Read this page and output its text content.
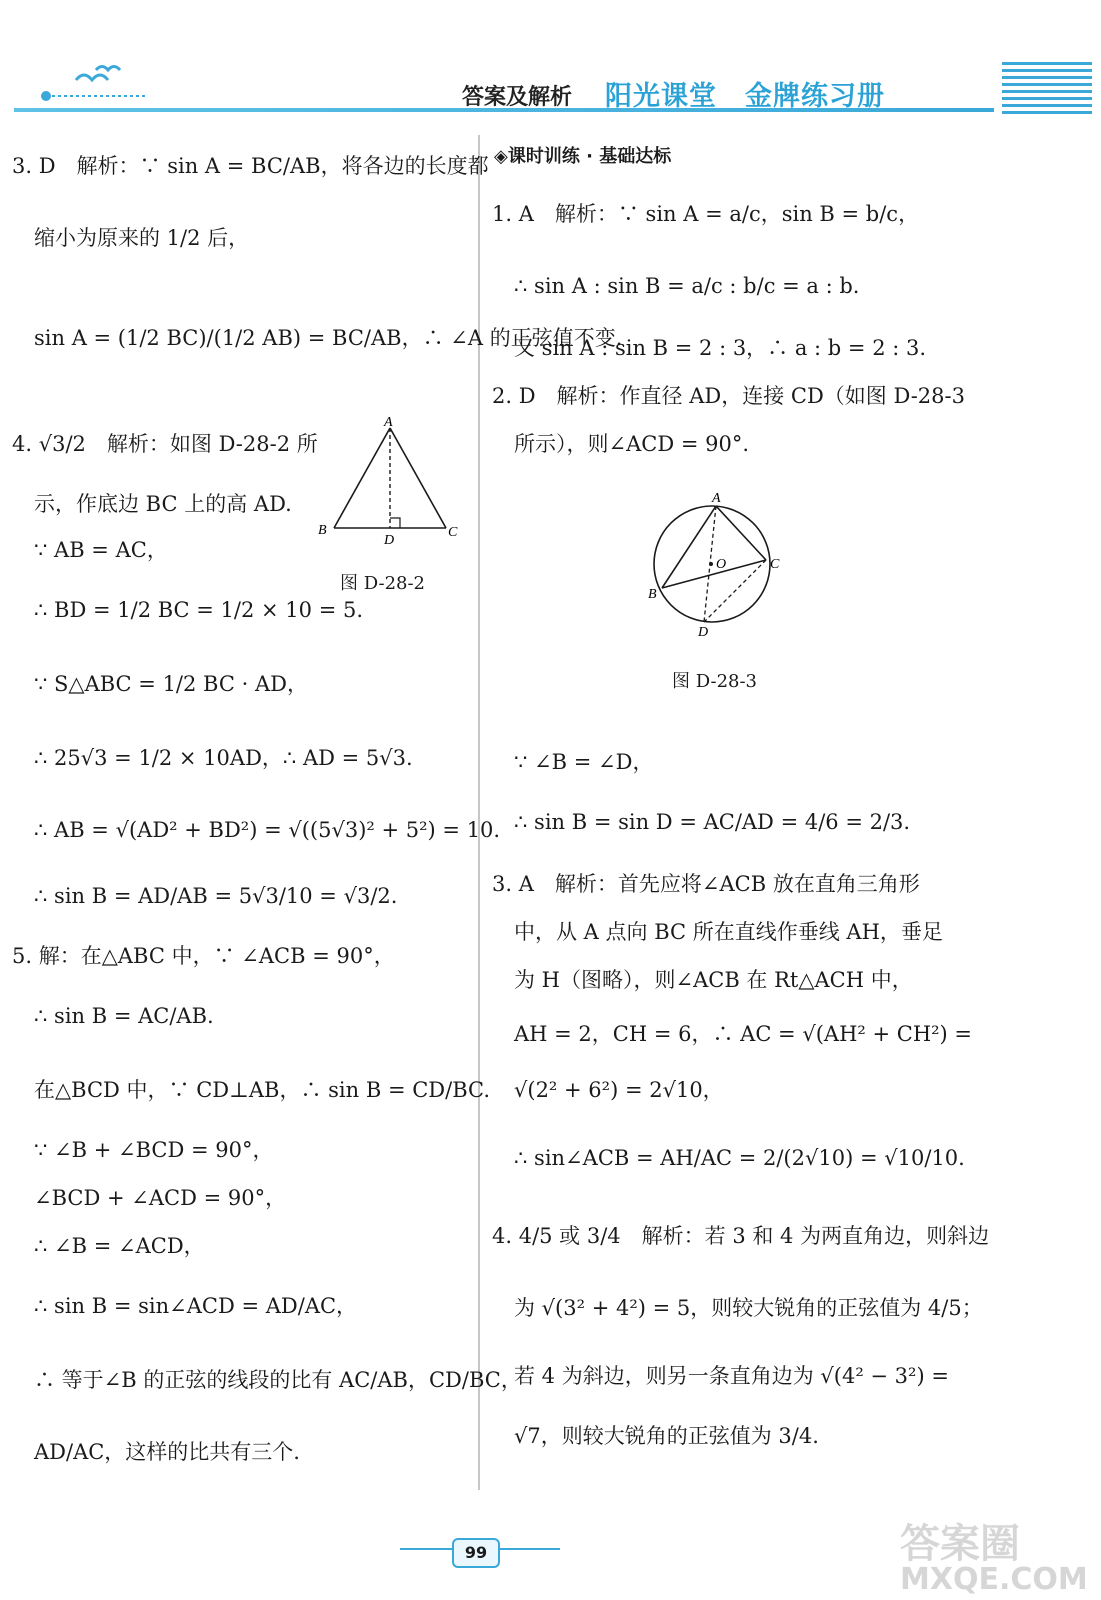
答案及解析 阳光课堂　金牌练习册
3. D　解析：∵ sin A = BC/AB，将各边的长度都
缩小为原来的 1/2 后，
sin A = (1/2 BC)/(1/2 AB) = BC/AB，∴ ∠A 的正弦值不变.
4. √3/2　解析：如图 D-28-2 所
示，作底边 BC 上的高 AD.
∵ AB = AC，
∴ BD = 1/2 BC = 1/2 × 10 = 5.
∵ S△ABC = 1/2 BC · AD，
∴ 25√3 = 1/2 × 10AD，∴ AD = 5√3.
∴ AB = √(AD² + BD²) = √((5√3)² + 5²) = 10.
∴ sin B = AD/AB = 5√3/10 = √3/2.
5. 解：在△ABC 中，∵ ∠ACB = 90°，
∴ sin B = AC/AB.
在△BCD 中，∵ CD⊥AB，∴ sin B = CD/BC.
∵ ∠B + ∠BCD = 90°，
∠BCD + ∠ACD = 90°，
∴ ∠B = ∠ACD，
∴ sin B = sin∠ACD = AD/AC，
∴ 等于∠B 的正弦的线段的比有 AC/AB，CD/BC，
AD/AC，这样的比共有三个.
A
B	C
D
图 D-28-2
◈课时训练 · 基础达标
1. A　解析：∵ sin A = a/c，sin B = b/c，
∴ sin A : sin B = a/c : b/c = a : b.
又 sin A : sin B = 2 : 3，∴ a : b = 2 : 3.
2. D　解析：作直径 AD，连接 CD（如图 D-28-3
所示），则∠ACD = 90°.
A
B
C
D
O
图 D-28-3
∵ ∠B = ∠D，
∴ sin B = sin D = AC/AD = 4/6 = 2/3.
3. A　解析：首先应将∠ACB 放在直角三角形
中，从 A 点向 BC 所在直线作垂线 AH，垂足
为 H（图略），则∠ACB 在 Rt△ACH 中，
AH = 2，CH = 6，∴ AC = √(AH² + CH²) =
√(2² + 6²) = 2√10，
∴ sin∠ACB = AH/AC = 2/(2√10) = √10/10.
4. 4/5 或 3/4　解析：若 3 和 4 为两直角边，则斜边
为 √(3² + 4²) = 5，则较大锐角的正弦值为 4/5；
若 4 为斜边，则另一条直角边为 √(4² − 3²) =
√7，则较大锐角的正弦值为 3/4.
99	答案圈
MXQE.COM
